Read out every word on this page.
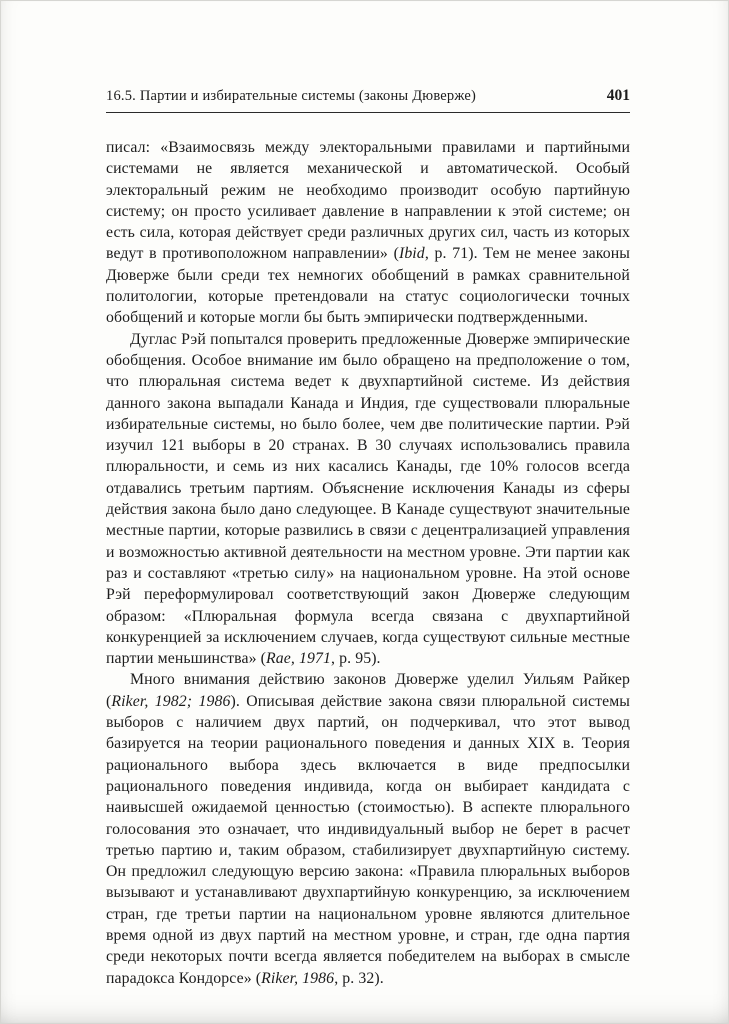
16.5. Партии и избирательные системы (законы Дюверже)	401

писал: «Взаимосвязь между электоральными правилами и партийными системами не является механической и автоматической. Особый электоральный режим не необходимо производит особую партийную систему; он просто усиливает давление в направлении к этой системе; он есть сила, которая действует среди различных других сил, часть из которых ведут в противоположном направлении» (Ibid, p. 71). Тем не менее законы Дюверже были среди тех немногих обобщений в рамках сравнительной политологии, которые претендовали на статус социологически точных обобщений и которые могли бы быть эмпирически подтвержденными.

Дуглас Рэй попытался проверить предложенные Дюверже эмпирические обобщения. Особое внимание им было обращено на предположение о том, что плюральная система ведет к двухпартийной системе. Из действия данного закона выпадали Канада и Индия, где существовали плюральные избирательные системы, но было более, чем две политические партии. Рэй изучил 121 выборы в 20 странах. В 30 случаях использовались правила плюральности, и семь из них касались Канады, где 10% голосов всегда отдавались третьим партиям. Объяснение исключения Канады из сферы действия закона было дано следующее. В Канаде существуют значительные местные партии, которые развились в связи с децентрализацией управления и возможностью активной деятельности на местном уровне. Эти партии как раз и составляют «третью силу» на национальном уровне. На этой основе Рэй переформулировал соответствующий закон Дюверже следующим образом: «Плюральная формула всегда связана с двухпартийной конкуренцией за исключением случаев, когда существуют сильные местные партии меньшинства» (Rae, 1971, p. 95).

Много внимания действию законов Дюверже уделил Уильям Райкер (Riker, 1982; 1986). Описывая действие закона связи плюральной системы выборов с наличием двух партий, он подчеркивал, что этот вывод базируется на теории рационального поведения и данных XIX в. Теория рационального выбора здесь включается в виде предпосылки рационального поведения индивида, когда он выбирает кандидата с наивысшей ожидаемой ценностью (стоимостью). В аспекте плюрального голосования это означает, что индивидуальный выбор не берет в расчет третью партию и, таким образом, стабилизирует двухпартийную систему. Он предложил следующую версию закона: «Правила плюральных выборов вызывают и устанавливают двухпартийную конкуренцию, за исключением стран, где третьи партии на национальном уровне являются длительное время одной из двух партий на местном уровне, и стран, где одна партия среди некоторых почти всегда является победителем на выборах в смысле парадокса Кондорсе» (Riker, 1986, p. 32).
